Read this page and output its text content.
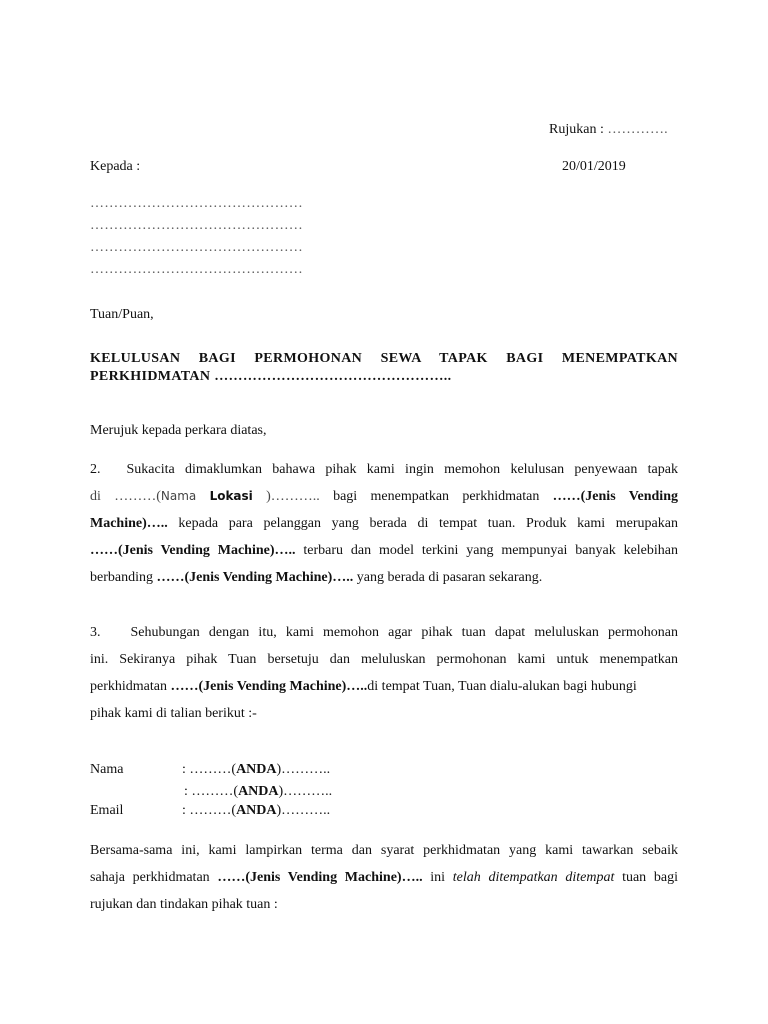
Rujukan : ………….
Kepada :	20/01/2019
………………………………………
………………………………………
………………………………………
………………………………………
Tuan/Puan,
KELULUSAN BAGI PERMOHONAN SEWA TAPAK BAGI MENEMPATKAN
PERKHIDMATAN …………………………………………..
Merujuk kepada perkara diatas,
2. Sukacita dimaklumkan bahawa pihak kami ingin memohon kelulusan penyewaan tapak
di ………(Nama Lokasi )……….. bagi menempatkan perkhidmatan ……(Jenis Vending
Machine)….. kepada para pelanggan yang berada di tempat tuan. Produk kami merupakan
……(Jenis Vending Machine)….. terbaru dan model terkini yang mempunyai banyak kelebihan
berbanding ……(Jenis Vending Machine)….. yang berada di pasaran sekarang.
3. Sehubungan dengan itu, kami memohon agar pihak tuan dapat meluluskan permohonan
ini. Sekiranya pihak Tuan bersetuju dan meluluskan permohonan kami untuk menempatkan
perkhidmatan ……(Jenis Vending Machine)…..di tempat Tuan, Tuan dialu-alukan bagi hubungi
pihak kami di talian berikut :-
Nama	: ………(ANDA)………..
: ………(ANDA)………..
Email	: ………(ANDA)………..
Bersama-sama ini, kami lampirkan terma dan syarat perkhidmatan yang kami tawarkan sebaik
sahaja perkhidmatan ……(Jenis Vending Machine)….. ini telah ditempatkan ditempat tuan bagi
rujukan dan tindakan pihak tuan :
